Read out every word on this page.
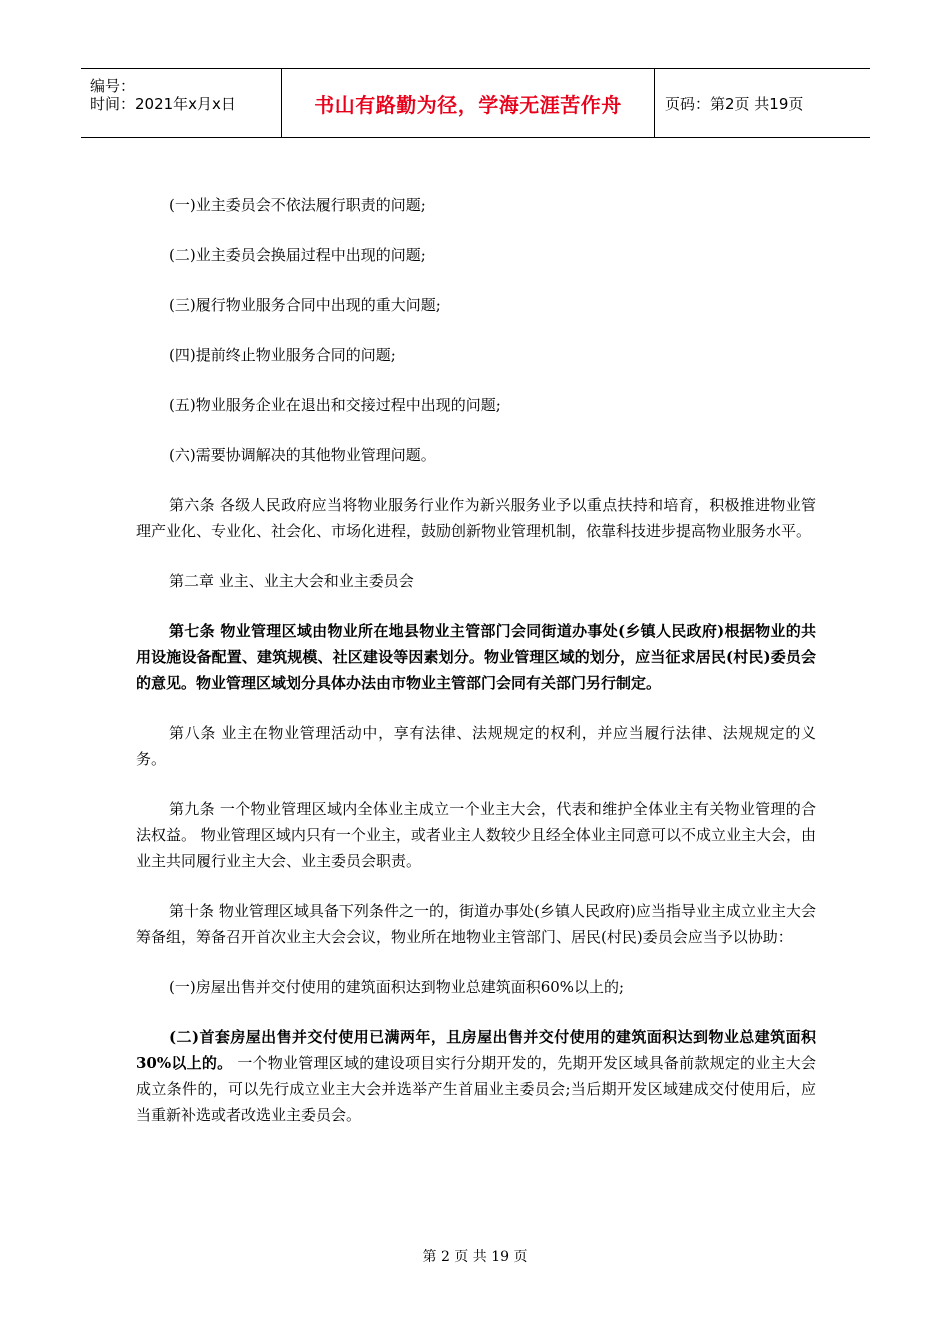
编号：
时间：2021年x月x日	书山有路勤为径，学海无涯苦作舟	页码：第2页 共19页

(一)业主委员会不依法履行职责的问题;

(二)业主委员会换届过程中出现的问题;

(三)履行物业服务合同中出现的重大问题;

(四)提前终止物业服务合同的问题;

(五)物业服务企业在退出和交接过程中出现的问题;

(六)需要协调解决的其他物业管理问题。

第六条 各级人民政府应当将物业服务行业作为新兴服务业予以重点扶持和培育，积极推进物业管理产业化、专业化、社会化、市场化进程，鼓励创新物业管理机制，依靠科技进步提高物业服务水平。

第二章 业主、业主大会和业主委员会

第七条 物业管理区域由物业所在地县物业主管部门会同街道办事处(乡镇人民政府)根据物业的共用设施设备配置、建筑规模、社区建设等因素划分。物业管理区域的划分，应当征求居民(村民)委员会的意见。物业管理区域划分具体办法由市物业主管部门会同有关部门另行制定。

第八条 业主在物业管理活动中，享有法律、法规规定的权利，并应当履行法律、法规规定的义务。

第九条 一个物业管理区域内全体业主成立一个业主大会，代表和维护全体业主有关物业管理的合法权益。 物业管理区域内只有一个业主，或者业主人数较少且经全体业主同意可以不成立业主大会，由业主共同履行业主大会、业主委员会职责。

第十条 物业管理区域具备下列条件之一的，街道办事处(乡镇人民政府)应当指导业主成立业主大会筹备组，筹备召开首次业主大会会议，物业所在地物业主管部门、居民(村民)委员会应当予以协助：

(一)房屋出售并交付使用的建筑面积达到物业总建筑面积60%以上的;

(二)首套房屋出售并交付使用已满两年，且房屋出售并交付使用的建筑面积达到物业总建筑面积30%以上的。 一个物业管理区域的建设项目实行分期开发的，先期开发区域具备前款规定的业主大会成立条件的，可以先行成立业主大会并选举产生首届业主委员会;当后期开发区域建成交付使用后，应当重新补选或者改选业主委员会。

第 2 页 共 19 页
